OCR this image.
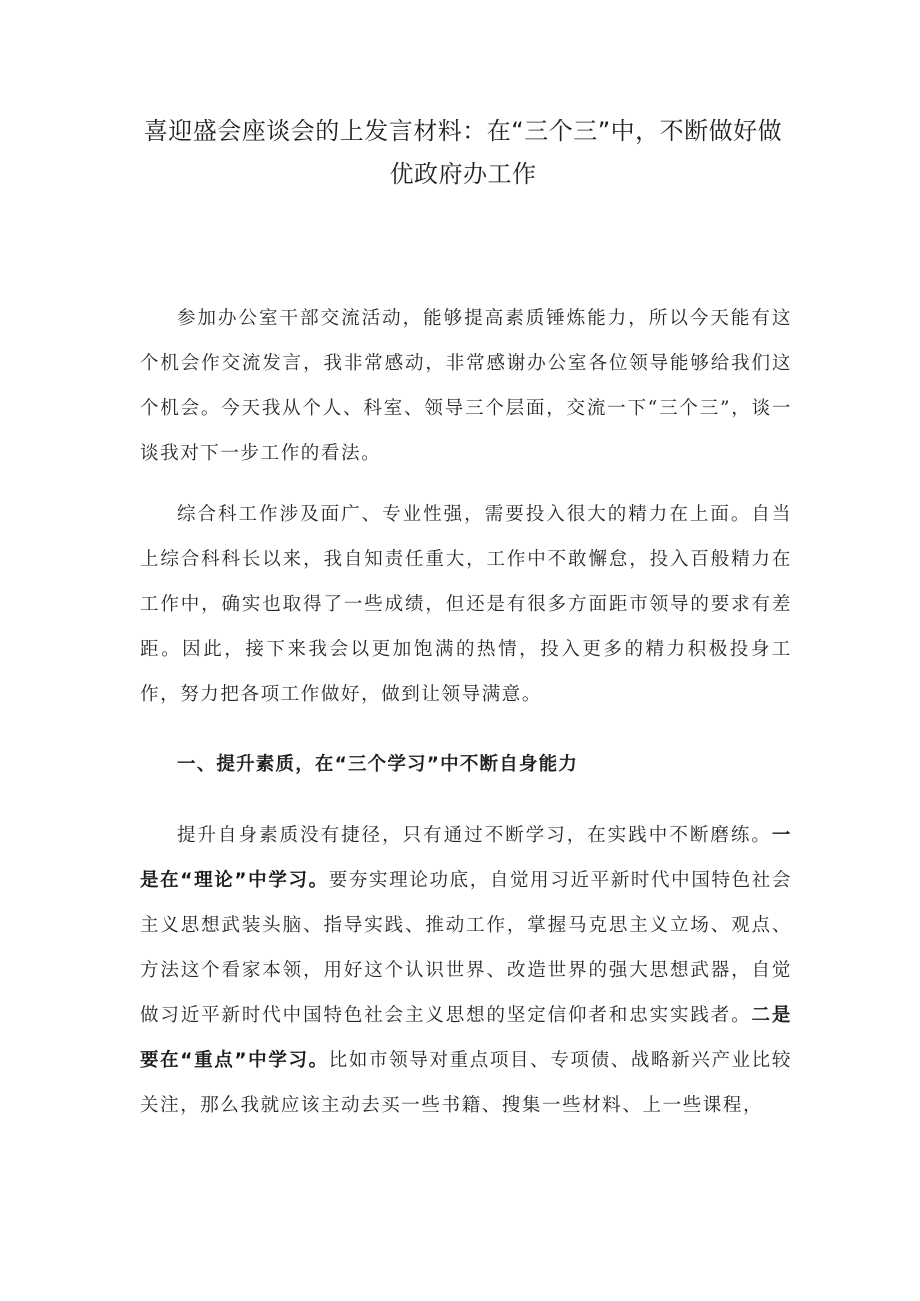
喜迎盛会座谈会的上发言材料：在“三个三”中，不断做好做优政府办工作

参加办公室干部交流活动，能够提高素质锤炼能力，所以今天能有这个机会作交流发言，我非常感动，非常感谢办公室各位领导能够给我们这个机会。今天我从个人、科室、领导三个层面，交流一下“三个三”，谈一谈我对下一步工作的看法。

综合科工作涉及面广、专业性强，需要投入很大的精力在上面。自当上综合科科长以来，我自知责任重大，工作中不敢懈怠，投入百般精力在工作中，确实也取得了一些成绩，但还是有很多方面距市领导的要求有差距。因此，接下来我会以更加饱满的热情，投入更多的精力积极投身工作，努力把各项工作做好，做到让领导满意。

一、提升素质，在“三个学习”中不断自身能力

提升自身素质没有捷径，只有通过不断学习，在实践中不断磨练。一是在“理论”中学习。要夯实理论功底，自觉用习近平新时代中国特色社会主义思想武装头脑、指导实践、推动工作，掌握马克思主义立场、观点、方法这个看家本领，用好这个认识世界、改造世界的强大思想武器，自觉做习近平新时代中国特色社会主义思想的坚定信仰者和忠实实践者。二是要在“重点”中学习。比如市领导对重点项目、专项债、战略新兴产业比较关注，那么我就应该主动去买一些书籍、搜集一些材料、上一些课程，
